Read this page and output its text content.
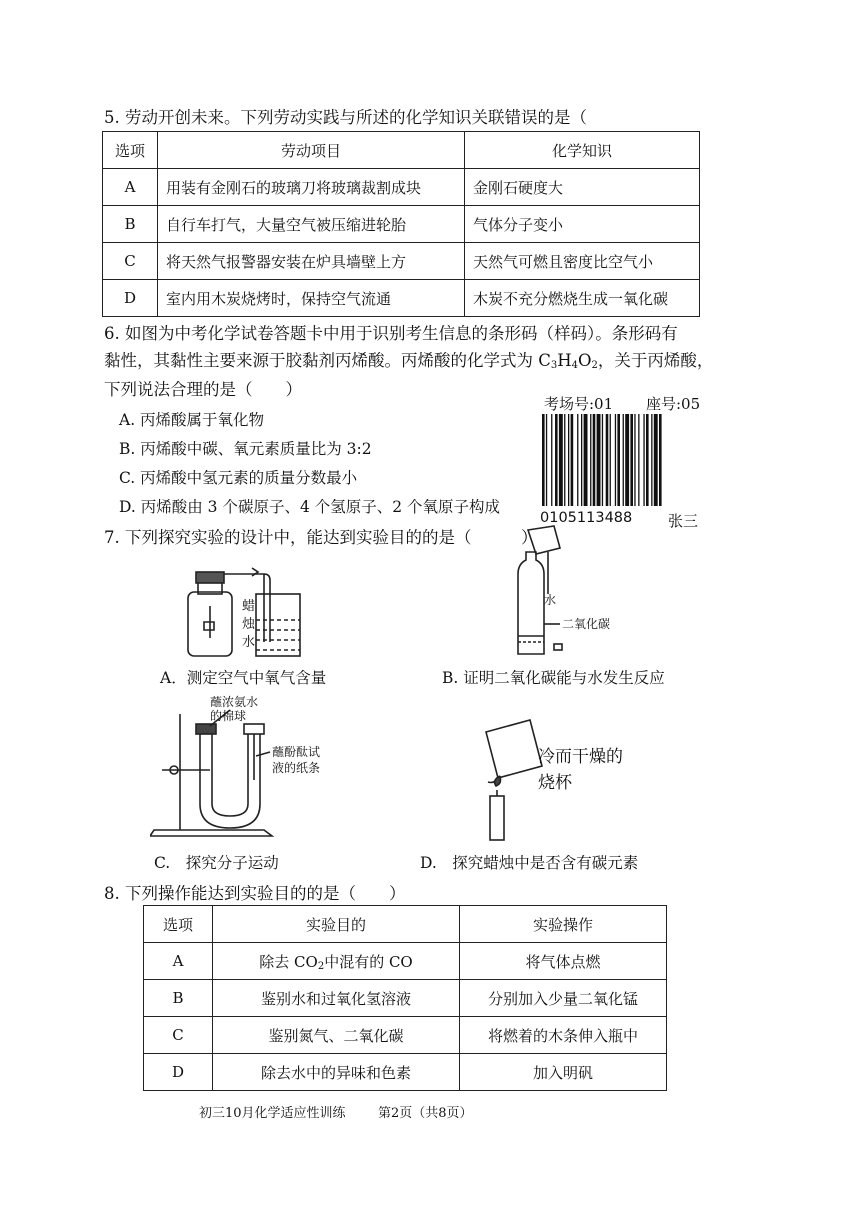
5. 劳动开创未来。下列劳动实践与所述的化学知识关联错误的是（
选项	劳动项目	化学知识
A	用装有金刚石的玻璃刀将玻璃裁割成块	金刚石硬度大
B	自行车打气，大量空气被压缩进轮胎	气体分子变小
C	将天然气报警器安装在炉具墙壁上方	天然气可燃且密度比空气小
D	室内用木炭烧烤时，保持空气流通	木炭不充分燃烧生成一氧化碳
6. 如图为中考化学试卷答题卡中用于识别考生信息的条形码（样码）。条形码有
黏性，其黏性主要来源于胶黏剂丙烯酸。丙烯酸的化学式为 $C_3H_4O_2$，关于丙烯酸，
下列说法合理的是（　　）
A. 丙烯酸属于氧化物
B. 丙烯酸中碳、氧元素质量比为 3:2
C. 丙烯酸中氢元素的质量分数最小
D. 丙烯酸由 3 个碳原子、4 个氢原子、2 个氧原子构成
考场号:01 座号:05
0105113488 张三
7. 下列探究实验的设计中，能达到实验目的的是（　　　）
蜡
烛
水
A．测定空气中氧气含量
水
二氧化碳
B. 证明二氧化碳能与水发生反应
蘸浓氨水
的棉球
蘸酚酞试
液的纸条
C.　探究分子运动
冷而干燥的
烧杯
D.　探究蜡烛中是否含有碳元素
8. 下列操作能达到实验目的的是（　　）
选项	实验目的	实验操作
A	除去 $CO_2$中混有的 CO	将气体点燃
B	鉴别水和过氧化氢溶液	分别加入少量二氧化锰
C	鉴别氮气、二氧化碳	将燃着的木条伸入瓶中
D	除去水中的异味和色素	加入明矾
初三10月化学适应性训练 第2页（共8页）
